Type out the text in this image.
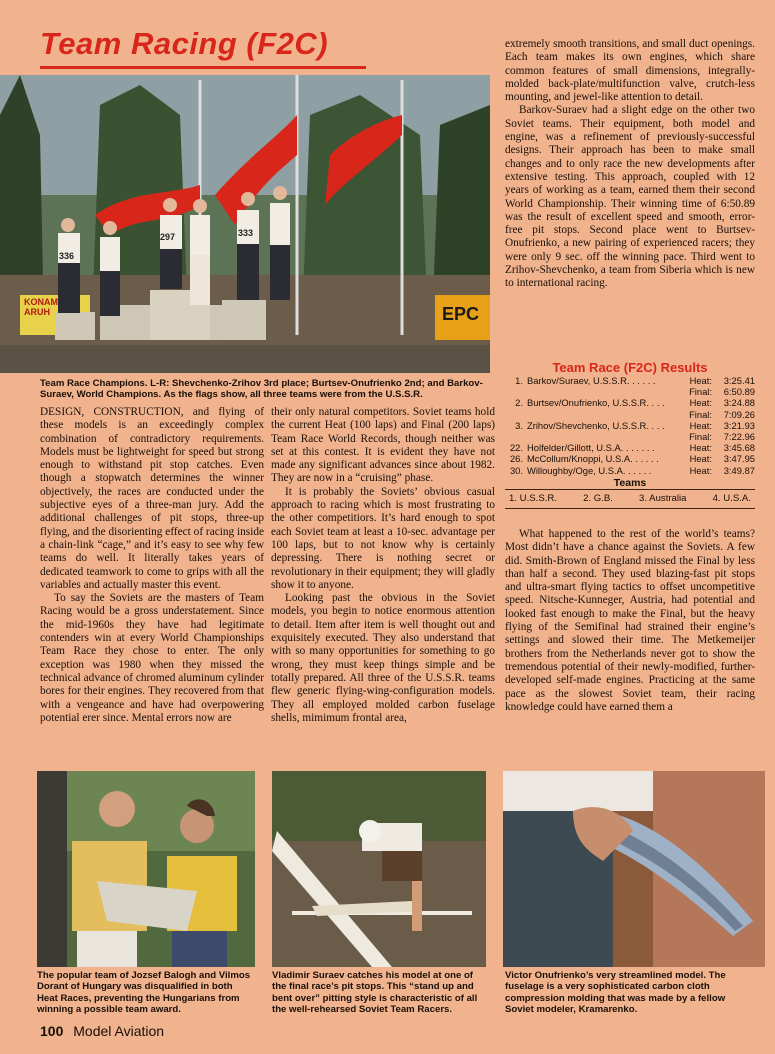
Team Racing (F2C)
336
297	333
KONAM ARUH	EPC
Team Race Champions. L-R: Shevchenko-Zrihov 3rd place; Burtsev-Onufrienko 2nd; and Barkov-Suraev, World Champions. As the flags show, all three teams were from the U.S.S.R.

extremely smooth transitions, and small duct openings. Each team makes its own engines, which share common features of small dimensions, integrally-molded back-plate/multifunction valve, crutch-less mounting, and jewel-like attention to detail.

Barkov-Suraev had a slight edge on the other two Soviet teams. Their equipment, both model and engine, was a refinement of previously-successful designs. Their approach has been to make small changes and to only race the new developments after extensive testing. This approach, coupled with 12 years of working as a team, earned them their second World Championship. Their winning time of 6:50.89 was the result of excellent speed and smooth, error-free pit stops. Second place went to Burtsev-Onufrienko, a new pairing of experienced racers; they were only 9 sec. off the winning pace. Third went to Zrihov-Shevchenko, a team from Siberia which is new to international racing.

Team Race (F2C) Results
1. Barkov/Suraev, U.S.S.R. . . . . .	Heat:	3:25.41
Final:	6:50.89
2. Burtsev/Onufrienko, U.S.S.R. . . .	Heat:	3:24.88
Final:	7:09.26
3. Zrihov/Shevchenko, U.S.S.R. . . .	Heat:	3:21.93
Final:	7:22.96
22. Holfelder/Gillott, U.S.A. . . . . . .	Heat:	3:45.68
26. McCollum/Knoppi, U.S.A. . . . . .	Heat:	3:47.95
30. Willoughby/Oge, U.S.A. . . . . .	Heat:	3:49.87
Teams
1. U.S.S.R.	2. G.B.	3. Australia	4. U.S.A.

DESIGN, CONSTRUCTION, and flying of these models is an exceedingly complex combination of contradictory requirements. Models must be lightweight for speed but strong enough to withstand pit stop catches. Even though a stopwatch determines the winner objectively, the races are conducted under the subjective eyes of a three-man jury. Add the additional challenges of pit stops, three-up flying, and the disorienting effect of racing inside a chain-link “cage,” and it’s easy to see why few teams do well. It literally takes years of dedicated teamwork to come to grips with all the variables and actually master this event.

To say the Soviets are the masters of Team Racing would be a gross understatement. Since the mid-1960s they have had legitimate contenders win at every World Championships Team Race they chose to enter. The only exception was 1980 when they missed the technical advance of chromed aluminum cylinder bores for their engines. They recovered from that with a vengeance and have had overpowering potential erer since. Mental errors now are

their only natural competitors. Soviet teams hold the current Heat (100 laps) and Final (200 laps) Team Race World Records, though neither was set at this contest. It is evident they have not made any significant advances since about 1982. They are now in a “cruising” phase.

It is probably the Soviets’ obvious casual approach to racing which is most frustrating to the other competitiors. It’s hard enough to spot each Soviet team at least a 10-sec. advantage per 100 laps, but to not know why is certainly depressing. There is nothing secret or revolutionary in their equipment; they will gladly show it to anyone.

Looking past the obvious in the Soviet models, you begin to notice enormous attention to detail. Item after item is well thought out and exquisitely executed. They also understand that with so many opportunities for something to go wrong, they must keep things simple and be totally prepared. All three of the U.S.S.R. teams flew generic flying-wing-configuration models. They all employed molded carbon fuselage shells, mimimum frontal area,

What happened to the rest of the world’s teams? Most didn’t have a chance against the Soviets. A few did. Smith-Brown of England missed the Final by less than half a second. They used blazing-fast pit stops and ultra-smart flying tactics to offset uncompetitive speed. Nitsche-Kunneger, Austria, had potential and looked fast enough to make the Final, but the heavy flying of the Semifinal had strained their engine’s settings and slowed their time. The Metkemeijer brothers from the Netherlands never got to show the tremendous potential of their newly-modified, further-developed self-made engines. Practicing at the same pace as the slowest Soviet team, their racing knowledge could have earned them a

The popular team of Jozsef Balogh and Vilmos Dorant of Hungary was disqualified in both Heat Races, preventing the Hungarians from winning a possible team award.
Vladimir Suraev catches his model at one of the final race’s pit stops. This “stand up and bent over” pitting style is characteristic of all the well-rehearsed Soviet Team Racers.
Victor Onufrienko’s very streamlined model. The fuselage is a very sophisticated carbon cloth compression molding that was made by a fellow Soviet modeler, Kramarenko.
100 Model Aviation
